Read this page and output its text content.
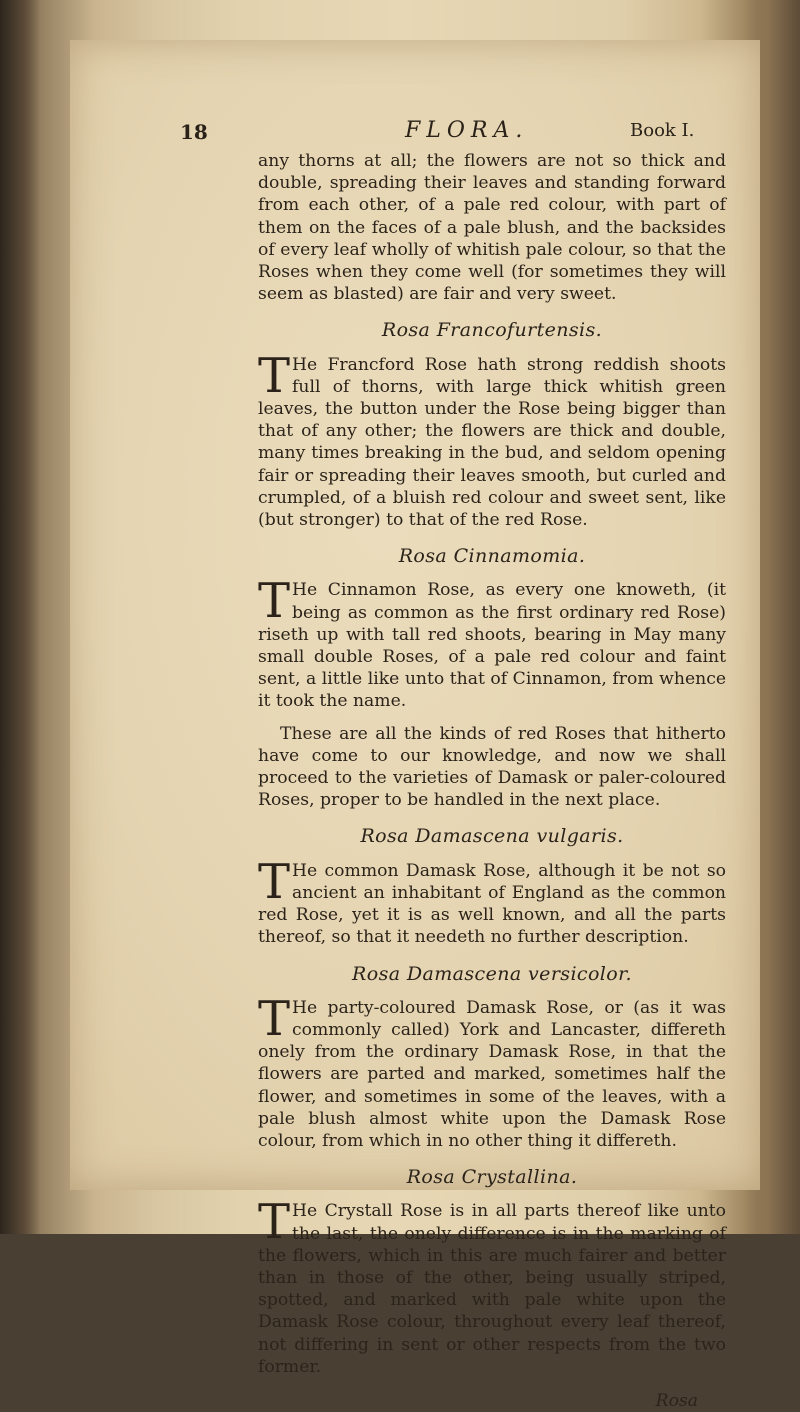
18	FLORA.	Book I.

any thorns at all; the flowers are not so thick and double, spreading their leaves and standing forward from each other, of a pale red colour, with part of them on the faces of a pale blush, and the backsides of every leaf wholly of whitish pale colour, so that the Roses when they come well (for sometimes they will seem as blasted) are fair and very sweet.

Rosa Francofurtensis.

T He Francford Rose hath strong reddish shoots full of thorns, with large thick whitish green leaves, the button under the Rose being bigger than that of any other; the flowers are thick and double, many times breaking in the bud, and seldom opening fair or spreading their leaves smooth, but curled and crumpled, of a bluish red colour and sweet sent, like (but stronger) to that of the red Rose.

Rosa Cinnamomia.

T He Cinnamon Rose, as every one knoweth, (it being as common as the first ordinary red Rose) riseth up with tall red shoots, bearing in May many small double Roses, of a pale red colour and faint sent, a little like unto that of Cinnamon, from whence it took the name.

These are all the kinds of red Roses that hitherto have come to our knowledge, and now we shall proceed to the varieties of Damask or paler-coloured Roses, proper to be handled in the next place.

Rosa Damascena vulgaris.

T He common Damask Rose, although it be not so ancient an inhabitant of England as the common red Rose, yet it is as well known, and all the parts thereof, so that it needeth no further description.

Rosa Damascena versicolor.

T He party-coloured Damask Rose, or (as it was commonly called) York and Lancaster, differeth onely from the ordinary Damask Rose, in that the flowers are parted and marked, sometimes half the flower, and sometimes in some of the leaves, with a pale blush almost white upon the Damask Rose colour, from which in no other thing it differeth.

Rosa Crystallina.

T He Crystall Rose is in all parts thereof like unto the last, the onely difference is in the marking of the flowers, which in this are much fairer and better than in those of the other, being usually striped, spotted, and marked with pale white upon the Damask Rose colour, throughout every leaf thereof, not differing in sent or other respects from the two former.

Rosa
